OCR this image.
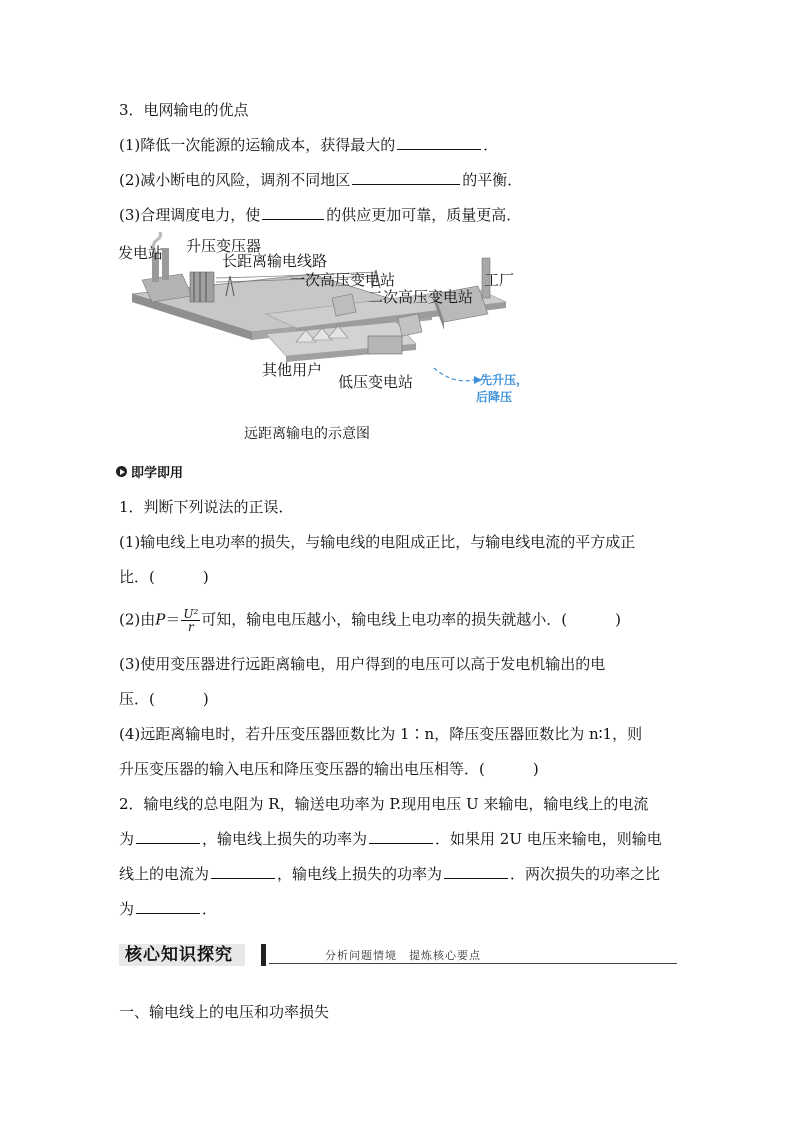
3．电网输电的优点
(1)降低一次能源的运输成本，获得最大的	．
(2)减小断电的风险，调剂不同地区	的平衡．
(3)合理调度电力，使	的供应更加可靠，质量更高．
发电站 升压变压器
长距离输电线路
一次高压变电站	工厂
二次高压变电站
其他用户
低压变电站	先升压，
后降压
远距离输电的示意图
即学即用
1．判断下列说法的正误．
(1)输电线上电功率的损失，与输电线的电阻成正比，与输电线电流的平方成正
比．(	)
(2)由$P= \frac{\text{U²}}{r}$ 可知，输电电压越小，输电线上电功率的损失就越小．(	)
(3)使用变压器进行远距离输电，用户得到的电压可以高于发电机输出的电
压．(	)
(4)远距离输电时，若升压变压器匝数比为 1∶n，降压变压器匝数比为 n∶1，则
升压变压器的输入电压和降压变压器的输出电压相等．(	)
2．输电线的总电阻为 R，输送电功率为 P.现用电压 U 来输电，输电线上的电流
为	，输电线上损失的功率为	．如果用 2U 电压来输电，则输电
线上的电流为	，输电线上损失的功率为	．两次损失的功率之比
为	．
核心知识探究	分析问题情境　提炼核心要点
一、输电线上的电压和功率损失
